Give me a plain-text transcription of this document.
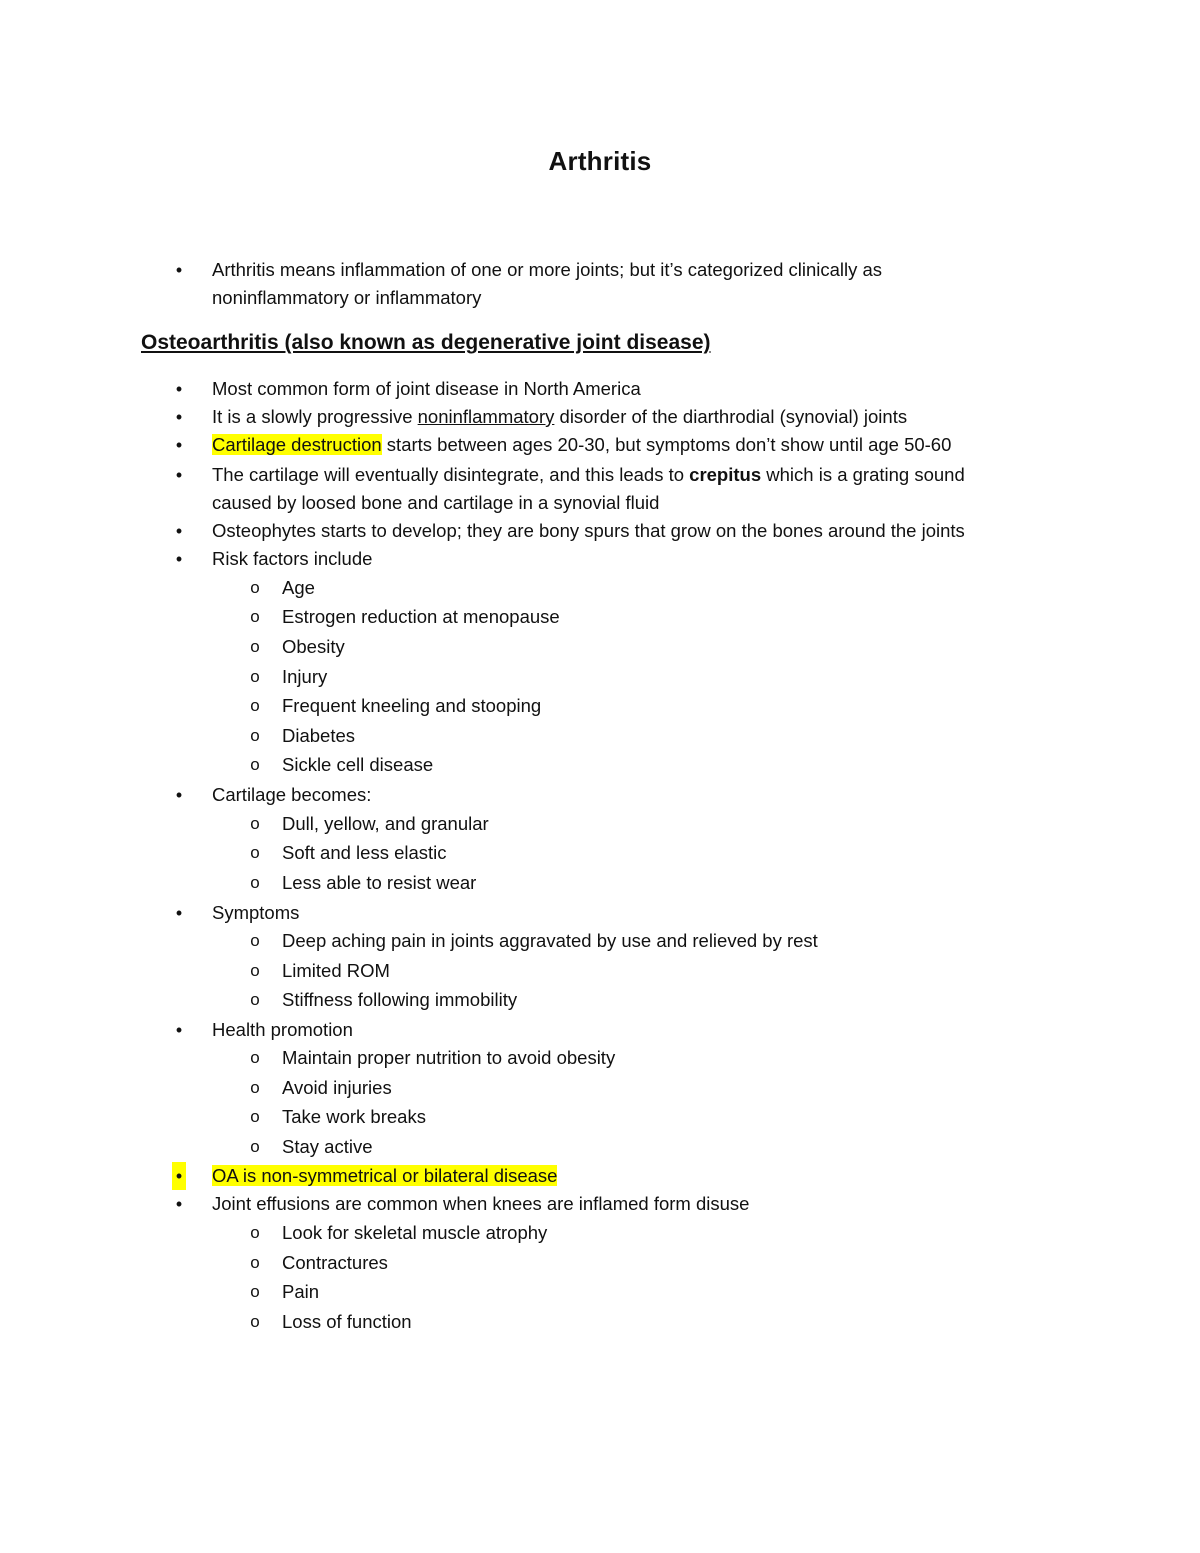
Arthritis
• Arthritis means inflammation of one or more joints; but it’s categorized clinically as
noninflammatory or inflammatory
Osteoarthritis (also known as degenerative joint disease)
• Most common form of joint disease in North America
• It is a slowly progressive noninflammatory disorder of the diarthrodial (synovial) joints
• Cartilage destruction starts between ages 20-30, but symptoms don’t show until age 50-60
• The cartilage will eventually disintegrate, and this leads to crepitus which is a grating sound
caused by loosed bone and cartilage in a synovial fluid
• Osteophytes starts to develop; they are bony spurs that grow on the bones around the joints
• Risk factors include
o Age
o Estrogen reduction at menopause
o Obesity
o Injury
o Frequent kneeling and stooping
o Diabetes
o Sickle cell disease
• Cartilage becomes:
o Dull, yellow, and granular
o Soft and less elastic
o Less able to resist wear
• Symptoms
o Deep aching pain in joints aggravated by use and relieved by rest
o Limited ROM
o Stiffness following immobility
• Health promotion
o Maintain proper nutrition to avoid obesity
o Avoid injuries
o Take work breaks
o Stay active
• OA is non-symmetrical or bilateral disease
• Joint effusions are common when knees are inflamed form disuse
o Look for skeletal muscle atrophy
o Contractures
o Pain
o Loss of function
